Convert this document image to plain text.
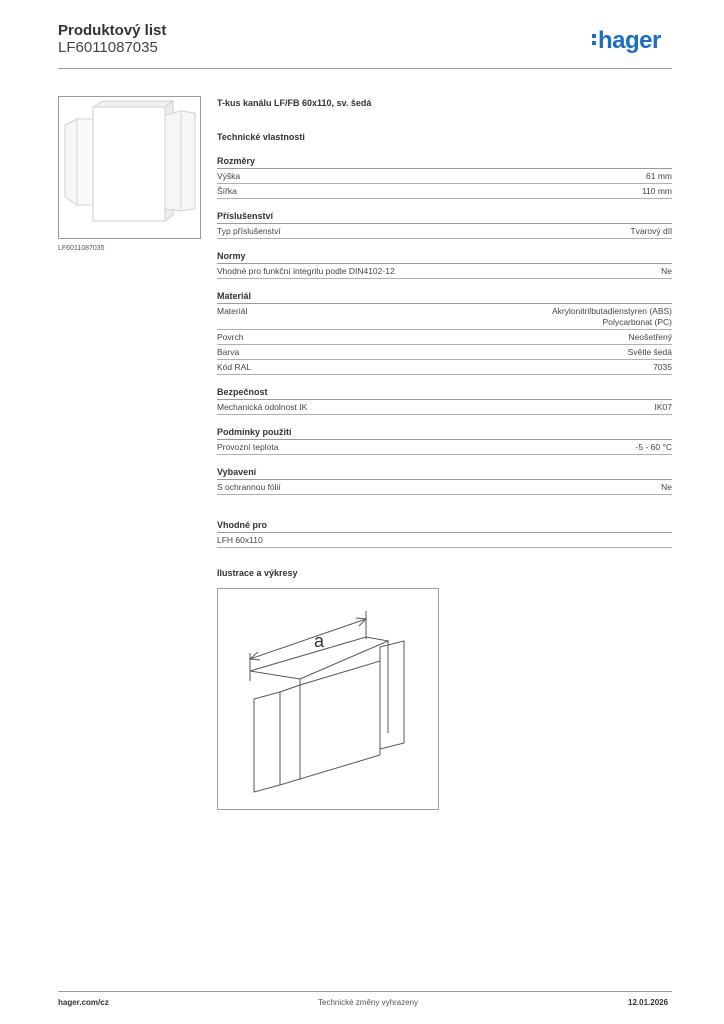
Produktový list
LF6011087035	hager
LF6011087035
T-kus kanálu LF/FB 60x110, sv. šedá
Technické vlastnosti
Rozměry
Výška	61 mm
Šířka	110 mm
Příslušenství
Typ příslušenství	Tvarový díl
Normy
Vhodné pro funkční integritu podle DIN4102-12	Ne
Materiál
Materiál	Akrylonitrilbutadienstyren (ABS)
Polycarbonat (PC)
Povrch	Neošetřený
Barva	Světle šedá
Kód RAL	7035
Bezpečnost
Mechanická odolnost IK	IK07
Podmínky použití
Provozní teplota	-5 - 60 °C
Vybavení
S ochrannou fólií	Ne
Vhodné pro
LFH 60x110
Ilustrace a výkresy
a
hager.com/cz	Technické změny vyhrazeny	12.01.2026
